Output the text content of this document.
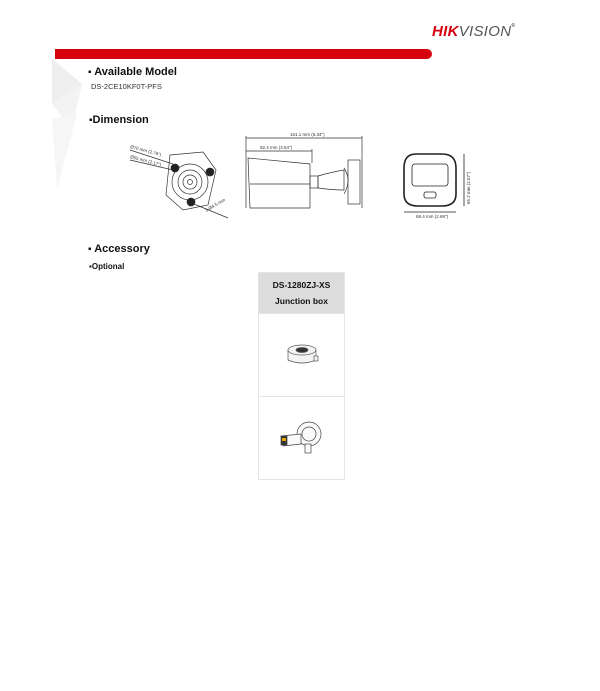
HIKVISION®
▪ Available Model
DS-2CE10KF0T-PFS
▪Dimension
Ø70 mm (2.76")
Ø55 mm (2.17")
3-Ø4.5 mm
161.1 mm (6.34")
92.4 mm (3.64")
68.4 mm (2.69")
65.2 mm (2.57")
▪ Accessory
▪Optional
DS-1280ZJ-XS
Junction box
